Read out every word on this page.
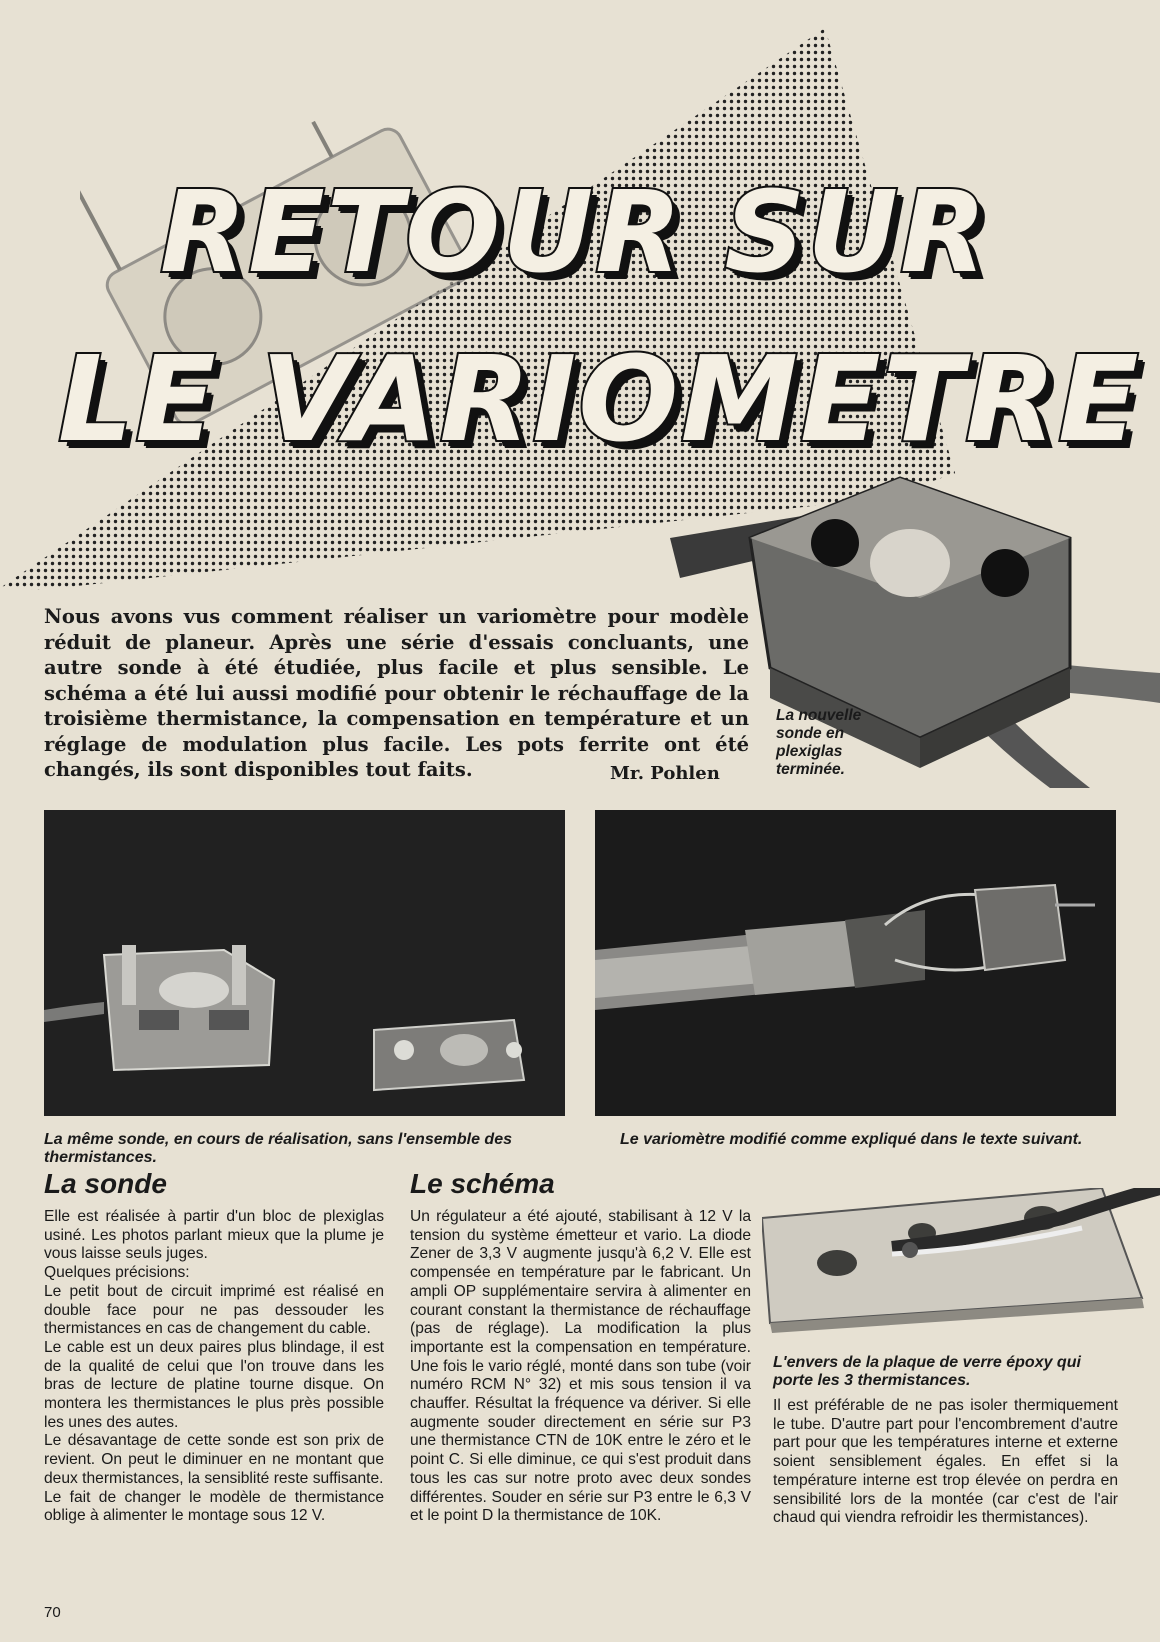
RETOUR SUR
LE VARIOMETRE
La nouvelle sonde en plexiglas terminée.
Nous avons vus comment réaliser un variomètre pour modèle réduit de planeur. Après une série d'essais concluants, une autre sonde à été étudiée, plus facile et plus sensible. Le schéma a été lui aussi modifié pour obtenir le réchauffage de la troisième thermistance, la compensation en température et un réglage de modulation plus facile. Les pots ferrite ont été changés, ils sont disponibles tout faits.	Mr. Pohlen
La même sonde, en cours de réalisation, sans l'ensemble des thermistances.
Le variomètre modifié comme expliqué dans le texte suivant.
La sonde	Le schéma

Elle est réalisée à partir d'un bloc de plexiglas usiné. Les photos parlant mieux que la plume je vous laisse seuls juges.

Quelques précisions:

Le petit bout de circuit imprimé est réalisé en double face pour ne pas dessouder les thermistances en cas de changement du cable.

Le cable est un deux paires plus blindage, il est de la qualité de celui que l'on trouve dans les bras de lecture de platine tourne disque. On montera les thermistances le plus près possible les unes des autes.

Le désavantage de cette sonde est son prix de revient. On peut le diminuer en ne montant que deux thermistances, la sensiblité reste suffisante.

Le fait de changer le modèle de thermistance oblige à alimenter le montage sous 12 V.

Un régulateur a été ajouté, stabilisant à 12 V la tension du système émetteur et vario. La diode Zener de 3,3 V augmente jusqu'à 6,2 V. Elle est compensée en température par le fabricant. Un ampli OP supplémentaire servira à alimenter en courant constant la thermistance de réchauffage (pas de réglage). La modification la plus importante est la compensation en température. Une fois le vario réglé, monté dans son tube (voir numéro RCM N° 32) et mis sous tension il va chauffer. Résultat la fréquence va dériver. Si elle augmente souder directement en série sur P3 une thermistance CTN de 10K entre le zéro et le point C. Si elle diminue, ce qui s'est produit dans tous les cas sur notre proto avec deux sondes différentes. Souder en série sur P3 entre le 6,3 V et le point D la thermistance de 10K.

L'envers de la plaque de verre époxy qui porte les 3 thermistances.

Il est préférable de ne pas isoler thermiquement le tube. D'autre part pour l'encombrement d'autre part pour que les températures interne et externe soient sensiblement égales. En effet si la température interne est trop élevée on perdra en sensibilité lors de la montée (car c'est de l'air chaud qui viendra refroidir les thermistances).

70
